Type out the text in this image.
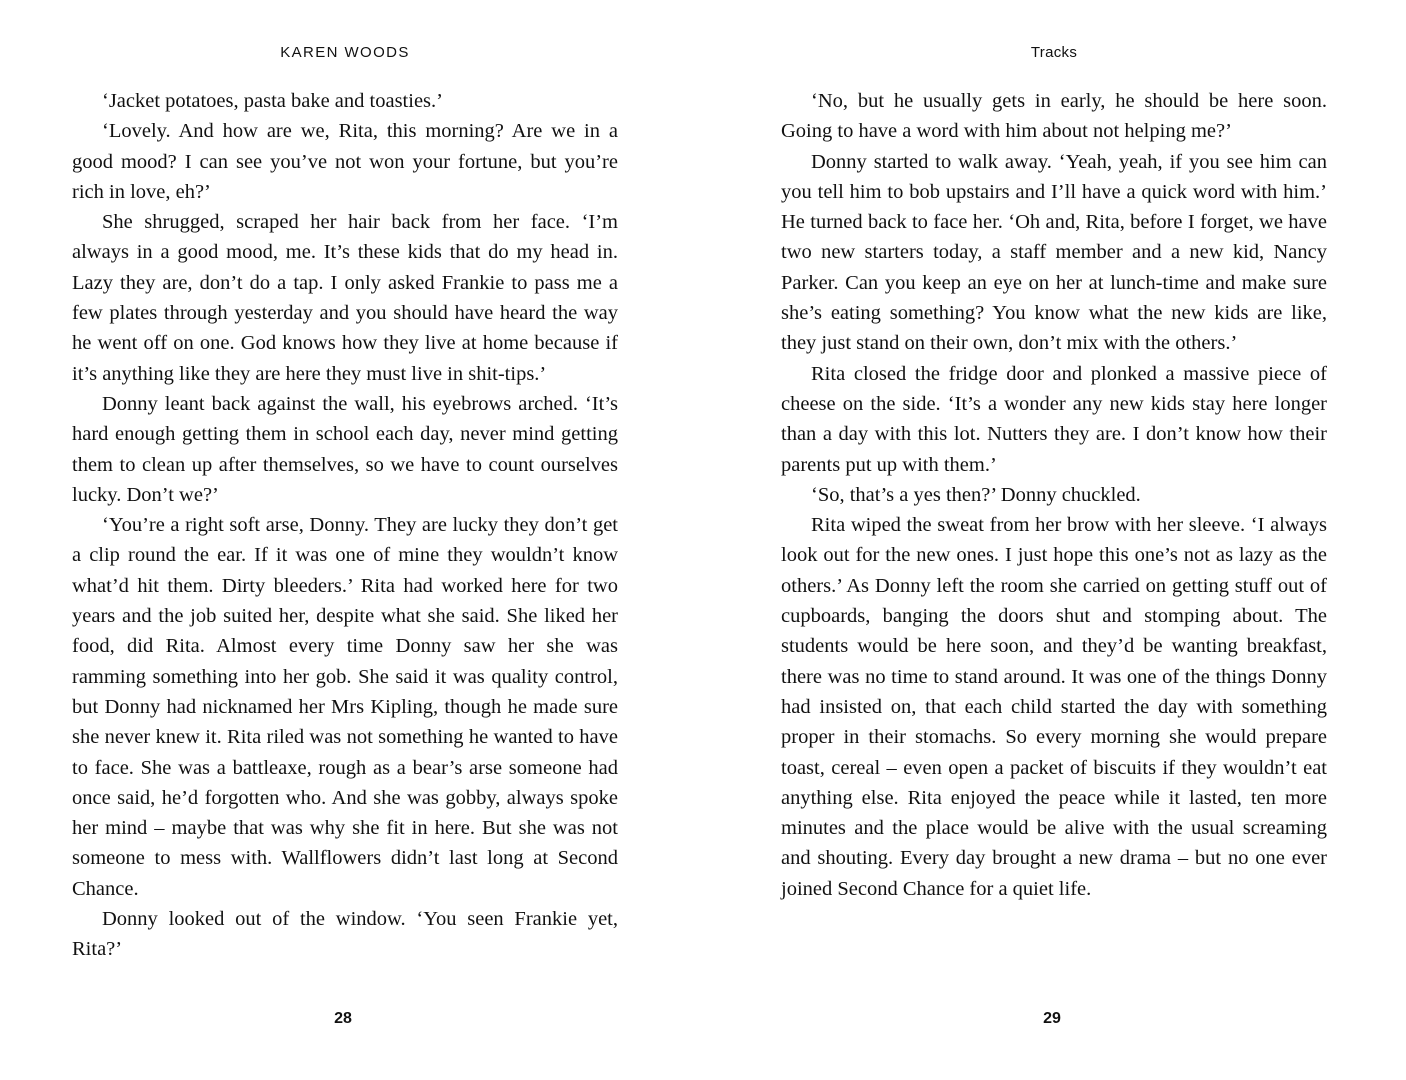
KAREN WOODS

‘Jacket potatoes, pasta bake and toasties.’

‘Lovely. And how are we, Rita, this morning? Are we in a good mood? I can see you’ve not won your fortune, but you’re rich in love, eh?’

She shrugged, scraped her hair back from her face. ‘I’m always in a good mood, me. It’s these kids that do my head in. Lazy they are, don’t do a tap. I only asked Frankie to pass me a few plates through yesterday and you should have heard the way he went off on one. God knows how they live at home because if it’s anything like they are here they must live in shit-tips.’

Donny leant back against the wall, his eyebrows arched. ‘It’s hard enough getting them in school each day, never mind getting them to clean up after themselves, so we have to count ourselves lucky. Don’t we?’

‘You’re a right soft arse, Donny. They are lucky they don’t get a clip round the ear. If it was one of mine they wouldn’t know what’d hit them. Dirty bleeders.’ Rita had worked here for two years and the job suited her, despite what she said. She liked her food, did Rita. Almost every time Donny saw her she was ramming something into her gob. She said it was quality control, but Donny had nicknamed her Mrs Kipling, though he made sure she never knew it. Rita riled was not something he wanted to have to face. She was a battleaxe, rough as a bear’s arse someone had once said, he’d forgotten who. And she was gobby, always spoke her mind – maybe that was why she fit in here. But she was not someone to mess with. Wallflowers didn’t last long at Second Chance.

Donny looked out of the window. ‘You seen Frankie yet, Rita?’

28
Tracks

‘No, but he usually gets in early, he should be here soon. Going to have a word with him about not helping me?’

Donny started to walk away. ‘Yeah, yeah, if you see him can you tell him to bob upstairs and I’ll have a quick word with him.’ He turned back to face her. ‘Oh and, Rita, before I forget, we have two new starters today, a staff member and a new kid, Nancy Parker. Can you keep an eye on her at lunch-time and make sure she’s eating something? You know what the new kids are like, they just stand on their own, don’t mix with the others.’

Rita closed the fridge door and plonked a massive piece of cheese on the side. ‘It’s a wonder any new kids stay here longer than a day with this lot. Nutters they are. I don’t know how their parents put up with them.’

‘So, that’s a yes then?’ Donny chuckled.

Rita wiped the sweat from her brow with her sleeve. ‘I always look out for the new ones. I just hope this one’s not as lazy as the others.’ As Donny left the room she carried on getting stuff out of cupboards, banging the doors shut and stomping about. The students would be here soon, and they’d be wanting breakfast, there was no time to stand around. It was one of the things Donny had insisted on, that each child started the day with something proper in their stomachs. So every morning she would prepare toast, cereal – even open a packet of biscuits if they wouldn’t eat anything else. Rita enjoyed the peace while it lasted, ten more minutes and the place would be alive with the usual screaming and shouting. Every day brought a new drama – but no one ever joined Second Chance for a quiet life.

29
